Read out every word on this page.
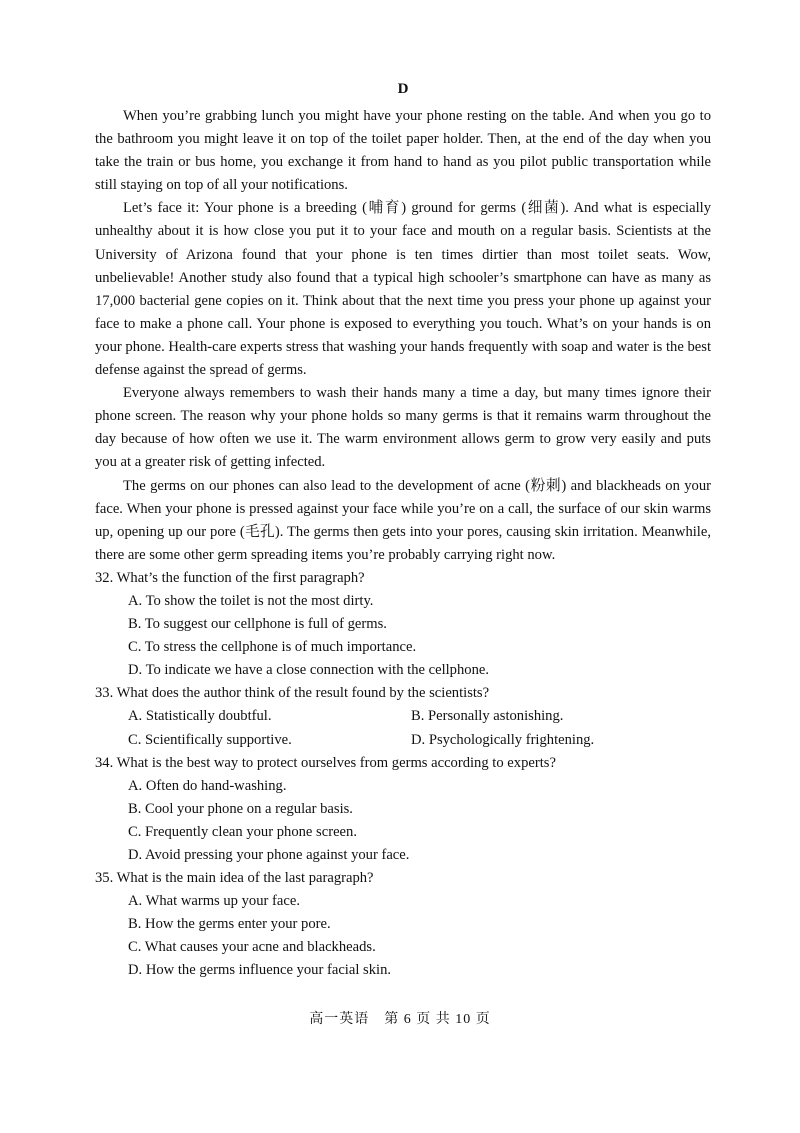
D

When you’re grabbing lunch you might have your phone resting on the table. And when you go to the bathroom you might leave it on top of the toilet paper holder. Then, at the end of the day when you take the train or bus home, you exchange it from hand to hand as you pilot public transportation while still staying on top of all your notifications.

Let’s face it: Your phone is a breeding (哺育) ground for germs (细菌). And what is especially unhealthy about it is how close you put it to your face and mouth on a regular basis. Scientists at the University of Arizona found that your phone is ten times dirtier than most toilet seats. Wow, unbelievable! Another study also found that a typical high schooler’s smartphone can have as many as 17,000 bacterial gene copies on it. Think about that the next time you press your phone up against your face to make a phone call. Your phone is exposed to everything you touch. What’s on your hands is on your phone. Health-care experts stress that washing your hands frequently with soap and water is the best defense against the spread of germs.

Everyone always remembers to wash their hands many a time a day, but many times ignore their phone screen. The reason why your phone holds so many germs is that it remains warm throughout the day because of how often we use it. The warm environment allows germ to grow very easily and puts you at a greater risk of getting infected.

The germs on our phones can also lead to the development of acne (粉刺) and blackheads on your face. When your phone is pressed against your face while you’re on a call, the surface of our skin warms up, opening up our pore (毛孔). The germs then gets into your pores, causing skin irritation. Meanwhile, there are some other germ spreading items you’re probably carrying right now.

32. What’s the function of the first paragraph?

A. To show the toilet is not the most dirty.

B. To suggest our cellphone is full of germs.

C. To stress the cellphone is of much importance.

D. To indicate we have a close connection with the cellphone.

33. What does the author think of the result found by the scientists?

A. Statistically doubtful.	B. Personally astonishing.
C. Scientifically supportive.	D. Psychologically frightening.

34. What is the best way to protect ourselves from germs according to experts?

A. Often do hand-washing.

B. Cool your phone on a regular basis.

C. Frequently clean your phone screen.

D. Avoid pressing your phone against your face.

35. What is the main idea of the last paragraph?

A. What warms up your face.

B. How the germs enter your pore.

C. What causes your acne and blackheads.

D. How the germs influence your facial skin.

高一英语　第 6 页 共 10 页
